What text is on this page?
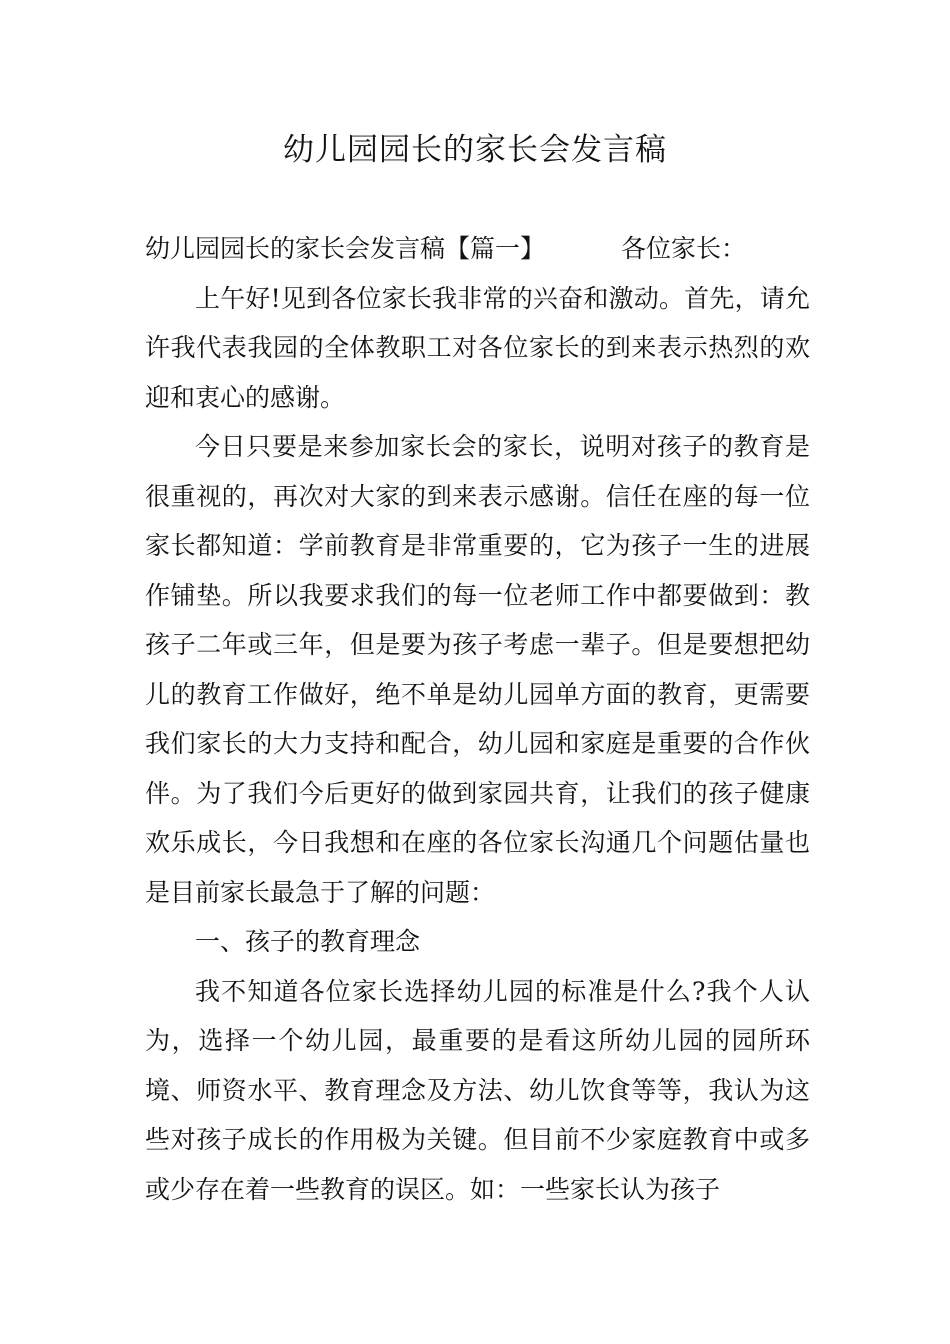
幼儿园园长的家长会发言稿

幼儿园园长的家长会发言稿【篇一】	各位家长：

上午好!见到各位家长我非常的兴奋和激动。首先，请允许我代表我园的全体教职工对各位家长的到来表示热烈的欢迎和衷心的感谢。

今日只要是来参加家长会的家长，说明对孩子的教育是很重视的，再次对大家的到来表示感谢。信任在座的每一位家长都知道：学前教育是非常重要的，它为孩子一生的进展作铺垫。所以我要求我们的每一位老师工作中都要做到：教孩子二年或三年，但是要为孩子考虑一辈子。但是要想把幼儿的教育工作做好，绝不单是幼儿园单方面的教育，更需要我们家长的大力支持和配合，幼儿园和家庭是重要的合作伙伴。为了我们今后更好的做到家园共育，让我们的孩子健康欢乐成长，今日我想和在座的各位家长沟通几个问题估量也是目前家长最急于了解的问题：

一、孩子的教育理念

我不知道各位家长选择幼儿园的标准是什么?我个人认为，选择一个幼儿园，最重要的是看这所幼儿园的园所环境、师资水平、教育理念及方法、幼儿饮食等等，我认为这些对孩子成长的作用极为关键。但目前不少家庭教育中或多或少存在着一些教育的误区。如：一些家长认为孩子
